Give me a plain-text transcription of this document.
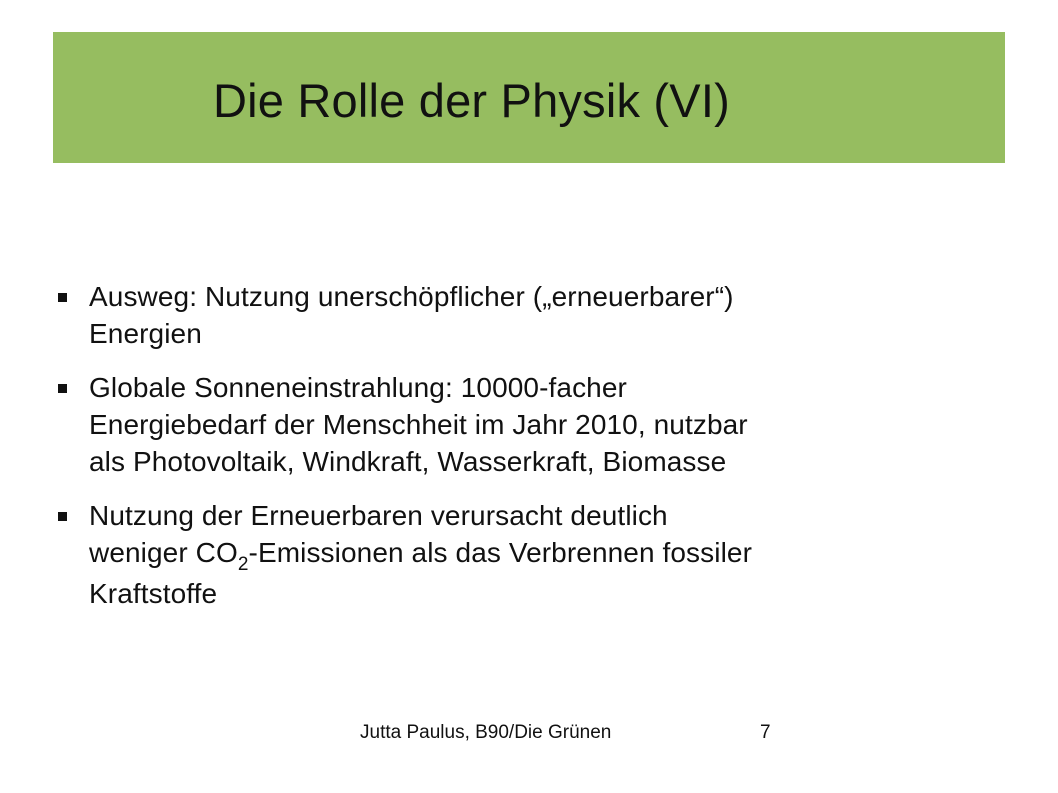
Die Rolle der Physik (VI)
Ausweg: Nutzung unerschöpflicher („erneuerbarer“)
Energien
Globale Sonneneinstrahlung: 10000-facher
Energiebedarf der Menschheit im Jahr 2010, nutzbar
als Photovoltaik, Windkraft, Wasserkraft, Biomasse
Nutzung der Erneuerbaren verursacht deutlich
weniger $CO_2$-Emissionen als das Verbrennen fossiler
Kraftstoffe
Jutta Paulus, B90/Die Grünen	7
